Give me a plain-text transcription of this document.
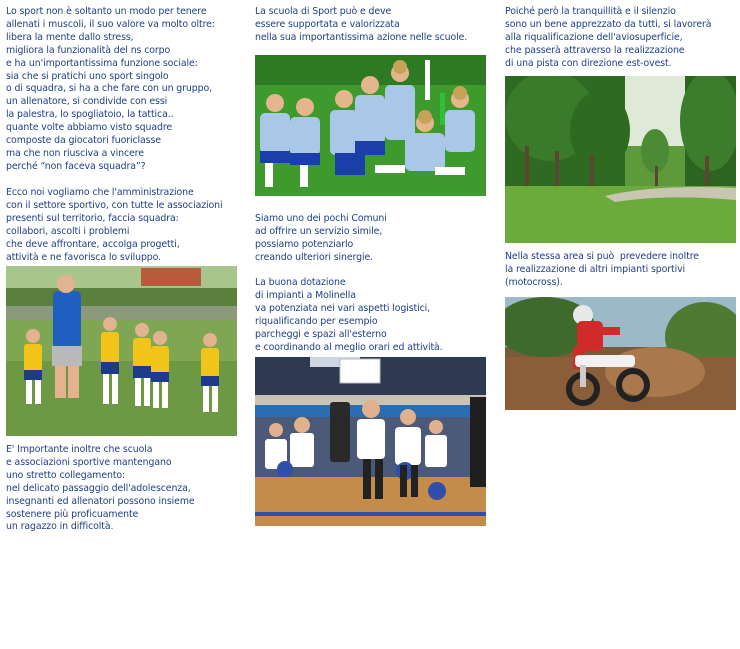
Lo sport non è soltanto un modo per tenere
allenati i muscoli, il suo valore va molto oltre:
libera la mente dallo stress,
migliora la funzionalità del ns corpo
e ha un'importantissima funzione sociale:
sia che si pratichi uno sport singolo
o di squadra, si ha a che fare con un gruppo,
un allenatore, si condivide con essi
la palestra, lo spogliatoio, la tattica..
quante volte abbiamo visto squadre
composte da giocatori fuoriclasse
ma che non riusciva a vincere
perché “non faceva squadra”?
Ecco noi vogliamo che l'amministrazione
con il settore sportivo, con tutte le associazioni
presenti sul territorio, faccia squadra:
collabori, ascolti i problemi
che deve affrontare, accolga progetti,
attività e ne favorisca lo sviluppo.
E' Importante inoltre che scuola
e associazioni sportive mantengano
uno stretto collegamento:
nel delicato passaggio dell'adolescenza,
insegnanti ed allenatori possono insieme
sostenere più proficuamente
un ragazzo in difficoltà.
La scuola di Sport può e deve
essere supportata e valorizzata
nella sua importantissima azione nelle scuole.
Siamo uno dei pochi Comuni
ad offrire un servizio simile,
possiamo potenziarlo
creando ulteriori sinergie.
La buona dotazione
di impianti a Molinella
va potenziata nei vari aspetti logistici,
riqualificando per esempio
parcheggi e spazi all'esterno
e coordinando al meglio orari ed attività.
Poiché però la tranquillità e il silenzio
sono un bene apprezzato da tutti, si lavorerà
alla riqualificazione dell'aviosuperficie,
che passerà attraverso la realizzazione
di una pista con direzione est-ovest.
Nella stessa area si può  prevedere inoltre
la realizzazione di altri impianti sportivi
(motocross).
